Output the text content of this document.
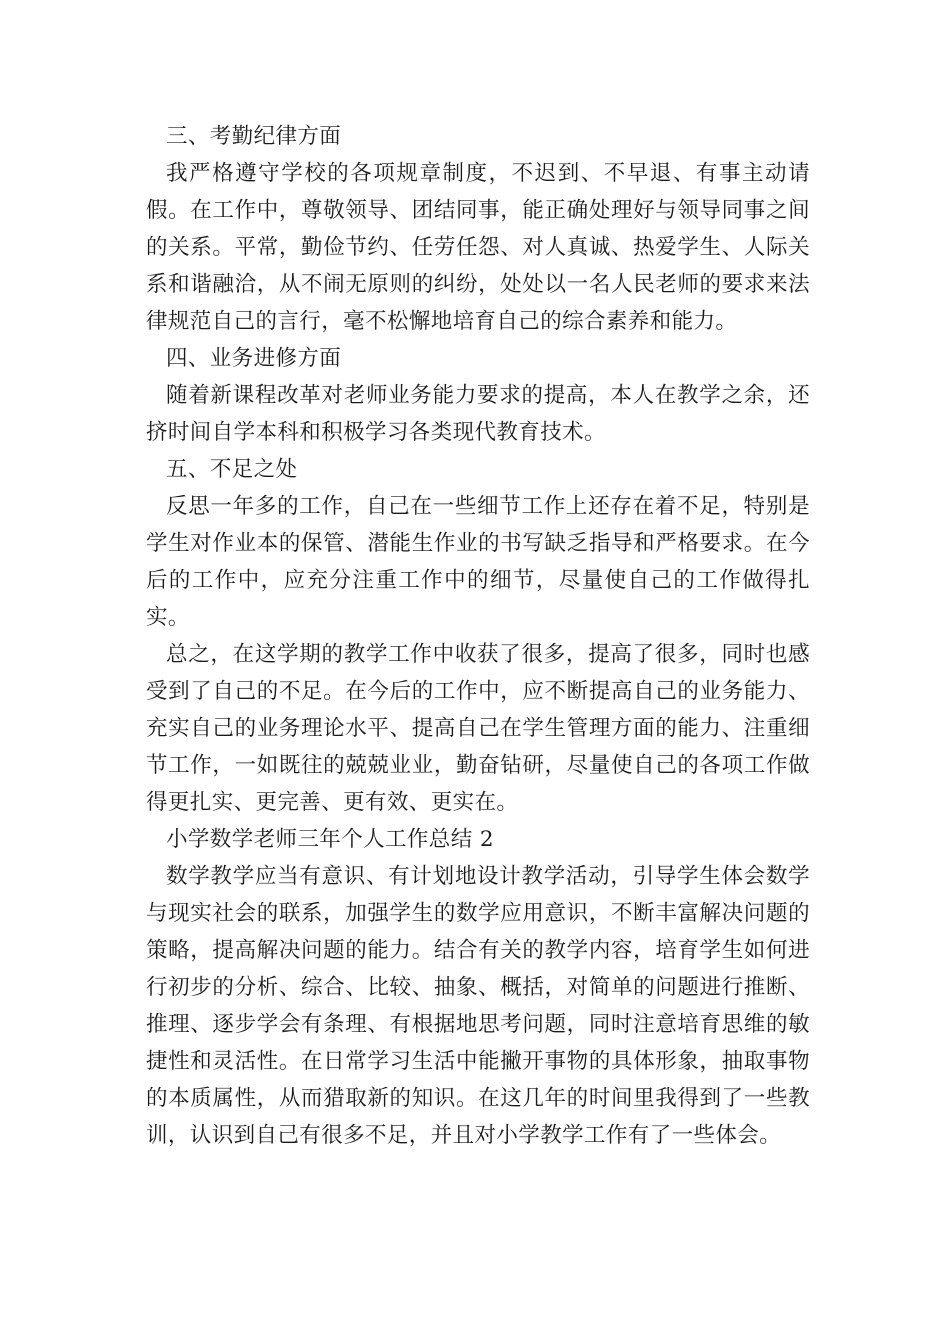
三、考勤纪律方面

我严格遵守学校的各项规章制度，不迟到、不早退、有事主动请假。在工作中，尊敬领导、团结同事，能正确处理好与领导同事之间的关系。平常，勤俭节约、任劳任怨、对人真诚、热爱学生、人际关系和谐融洽，从不闹无原则的纠纷，处处以一名人民老师的要求来法律规范自己的言行，毫不松懈地培育自己的综合素养和能力。

四、业务进修方面

随着新课程改革对老师业务能力要求的提高，本人在教学之余，还挤时间自学本科和积极学习各类现代教育技术。

五、不足之处

反思一年多的工作，自己在一些细节工作上还存在着不足，特别是学生对作业本的保管、潜能生作业的书写缺乏指导和严格要求。在今后的工作中，应充分注重工作中的细节，尽量使自己的工作做得扎实。

总之，在这学期的教学工作中收获了很多，提高了很多，同时也感受到了自己的不足。在今后的工作中，应不断提高自己的业务能力、充实自己的业务理论水平、提高自己在学生管理方面的能力、注重细节工作，一如既往的兢兢业业，勤奋钻研，尽量使自己的各项工作做得更扎实、更完善、更有效、更实在。

小学数学老师三年个人工作总结 2

数学教学应当有意识、有计划地设计教学活动，引导学生体会数学与现实社会的联系，加强学生的数学应用意识，不断丰富解决问题的策略，提高解决问题的能力。结合有关的教学内容，培育学生如何进行初步的分析、综合、比较、抽象、概括，对简单的问题进行推断、推理、逐步学会有条理、有根据地思考问题，同时注意培育思维的敏捷性和灵活性。在日常学习生活中能撇开事物的具体形象，抽取事物的本质属性，从而猎取新的知识。在这几年的时间里我得到了一些教训，认识到自己有很多不足，并且对小学教学工作有了一些体会。
